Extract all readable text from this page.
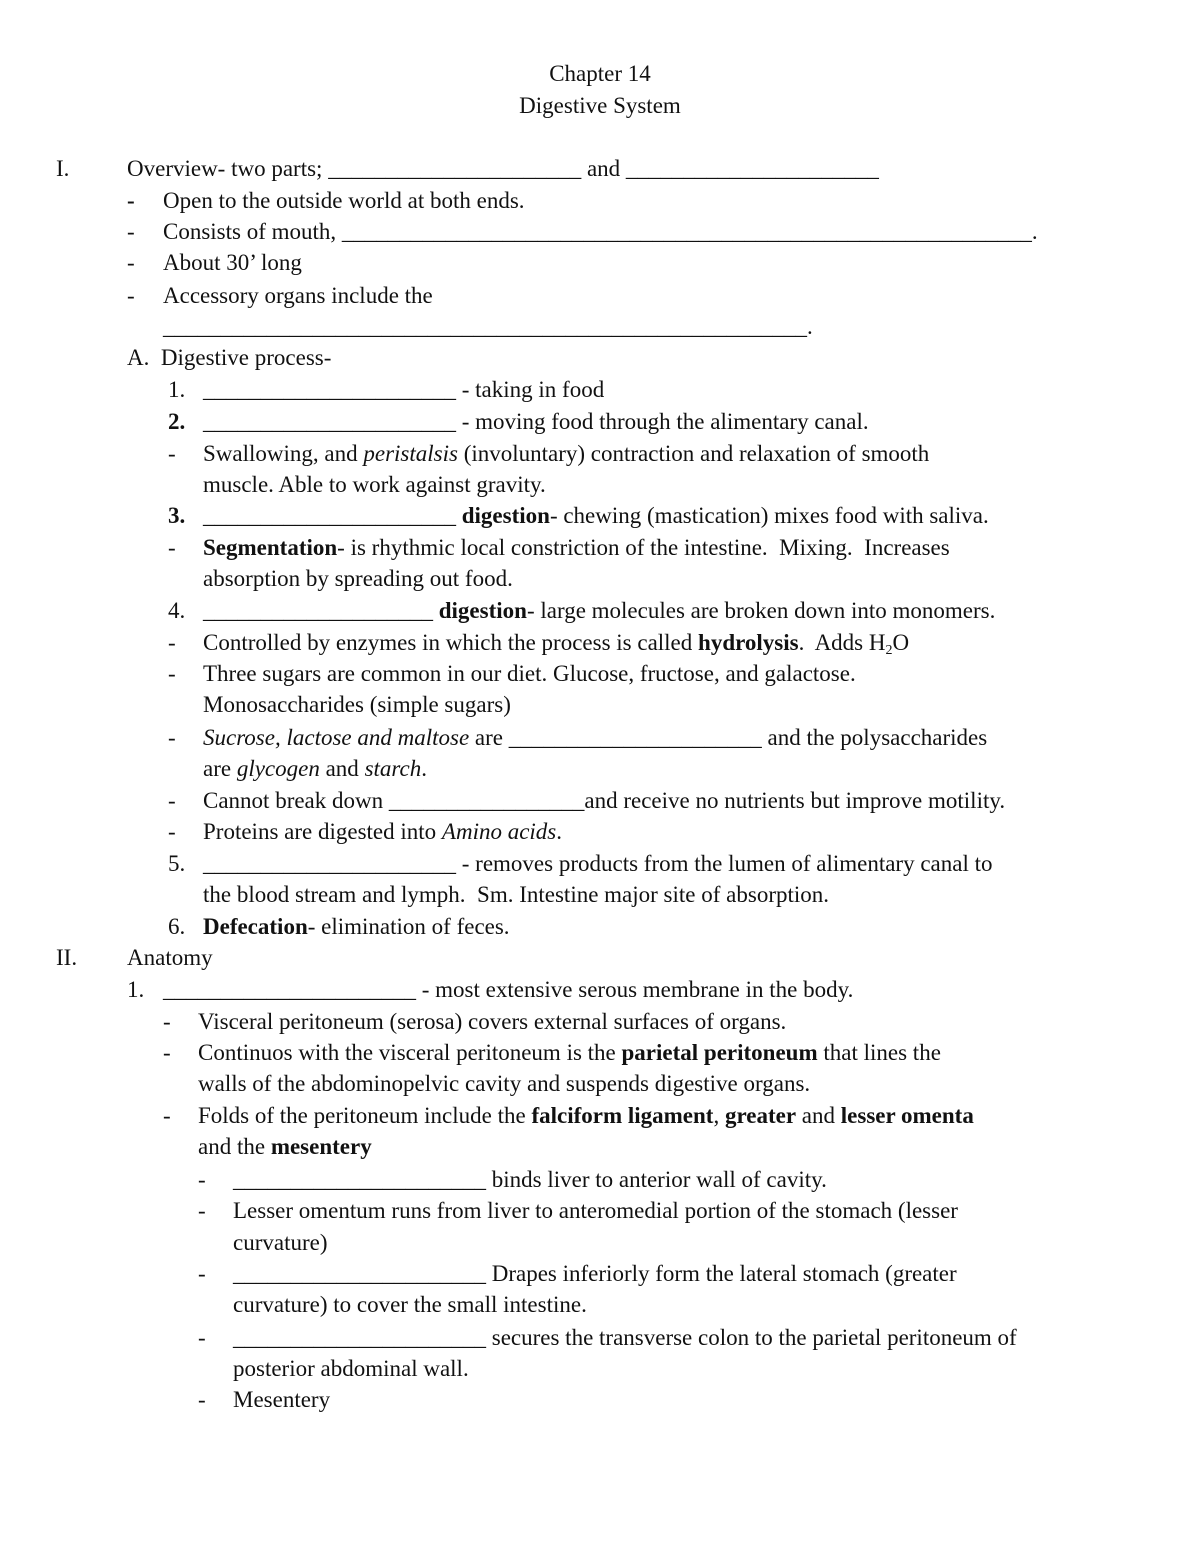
Chapter 14
Digestive System
I.	Overview- two parts; ______________________ and ______________________
- Open to the outside world at both ends.
- Consists of mouth, ____________________________________________________________.
- About 30’ long
- Accessory organs include the
________________________________________________________.
A.  Digestive process-
1. ______________________ - taking in food
2. ______________________ - moving food through the alimentary canal.
- Swallowing, and peristalsis (involuntary) contraction and relaxation of smooth
muscle. Able to work against gravity.
3. ______________________ digestion- chewing (mastication) mixes food with saliva.
- Segmentation- is rhythmic local constriction of the intestine.  Mixing.  Increases
absorption by spreading out food.
4. ____________________ digestion- large molecules are broken down into monomers.
- Controlled by enzymes in which the process is called hydrolysis.  Adds $H_2O$
- Three sugars are common in our diet. Glucose, fructose, and galactose.
Monosaccharides (simple sugars)
- Sucrose, lactose and maltose are ______________________ and the polysaccharides
are glycogen and starch.
- Cannot break down _________________and receive no nutrients but improve motility.
- Proteins are digested into Amino acids.
5. ______________________ - removes products from the lumen of alimentary canal to
the blood stream and lymph.  Sm. Intestine major site of absorption.
6. Defecation- elimination of feces.
II. Anatomy
1. ______________________ - most extensive serous membrane in the body.
- Visceral peritoneum (serosa) covers external surfaces of organs.
- Continuos with the visceral peritoneum is the parietal peritoneum that lines the
walls of the abdominopelvic cavity and suspends digestive organs.
- Folds of the peritoneum include the falciform ligament, greater and lesser omenta
and the mesentery
- ______________________ binds liver to anterior wall of cavity.
- Lesser omentum runs from liver to anteromedial portion of the stomach (lesser
curvature)
- ______________________ Drapes inferiorly form the lateral stomach (greater
curvature) to cover the small intestine.
- ______________________ secures the transverse colon to the parietal peritoneum of
posterior abdominal wall.
- Mesentery
